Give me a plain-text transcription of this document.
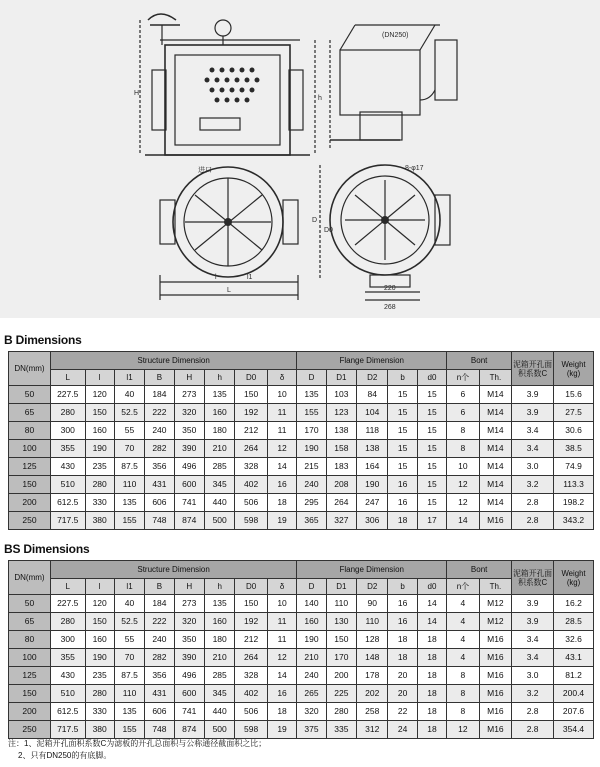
(DN250)
进口	8-φ17
220
268
L
l	l1
H
h
D
D0
B Dimensions
DN(mm)	Structure Dimension								Flange Dimension					Bont		泥箱开孔面积系数C	Weight (kg)
	L	l	l1	B	H	h	D0	δ	D	D1	D2	b	d0	n个	Th.		
50	227.5	120	40	184	273	135	150	10	135	103	84	15	15	6	M14	3.9	15.6
65	280	150	52.5	222	320	160	192	11	155	123	104	15	15	6	M14	3.9	27.5
80	300	160	55	240	350	180	212	11	170	138	118	15	15	8	M14	3.4	30.6
100	355	190	70	282	390	210	264	12	190	158	138	15	15	8	M14	3.4	38.5
125	430	235	87.5	356	496	285	328	14	215	183	164	15	15	10	M14	3.0	74.9
150	510	280	110	431	600	345	402	16	240	208	190	16	15	12	M14	3.2	113.3
200	612.5	330	135	606	741	440	506	18	295	264	247	16	15	12	M14	2.8	198.2
250	717.5	380	155	748	874	500	598	19	365	327	306	18	17	14	M16	2.8	343.2
BS Dimensions
DN(mm)	Structure Dimension								Flange Dimension					Bont		泥箱开孔面积系数C	Weight (kg)
	L	l	l1	B	H	h	D0	δ	D	D1	D2	b	d0	n个	Th.		
50	227.5	120	40	184	273	135	150	10	140	110	90	16	14	4	M12	3.9	16.2
65	280	150	52.5	222	320	160	192	11	160	130	110	16	14	4	M12	3.9	28.5
80	300	160	55	240	350	180	212	11	190	150	128	18	18	4	M16	3.4	32.6
100	355	190	70	282	390	210	264	12	210	170	148	18	18	4	M16	3.4	43.1
125	430	235	87.5	356	496	285	328	14	240	200	178	20	18	8	M16	3.0	81.2
150	510	280	110	431	600	345	402	16	265	225	202	20	18	8	M16	3.2	200.4
200	612.5	330	135	606	741	440	506	18	320	280	258	22	18	8	M16	2.8	207.6
250	717.5	380	155	748	874	500	598	19	375	335	312	24	18	12	M16	2.8	354.4
注：1、泥箱开孔面积系数C为滤板的开孔总面积与公称通径截面积之比；
2、只有DN250的有底脚。
